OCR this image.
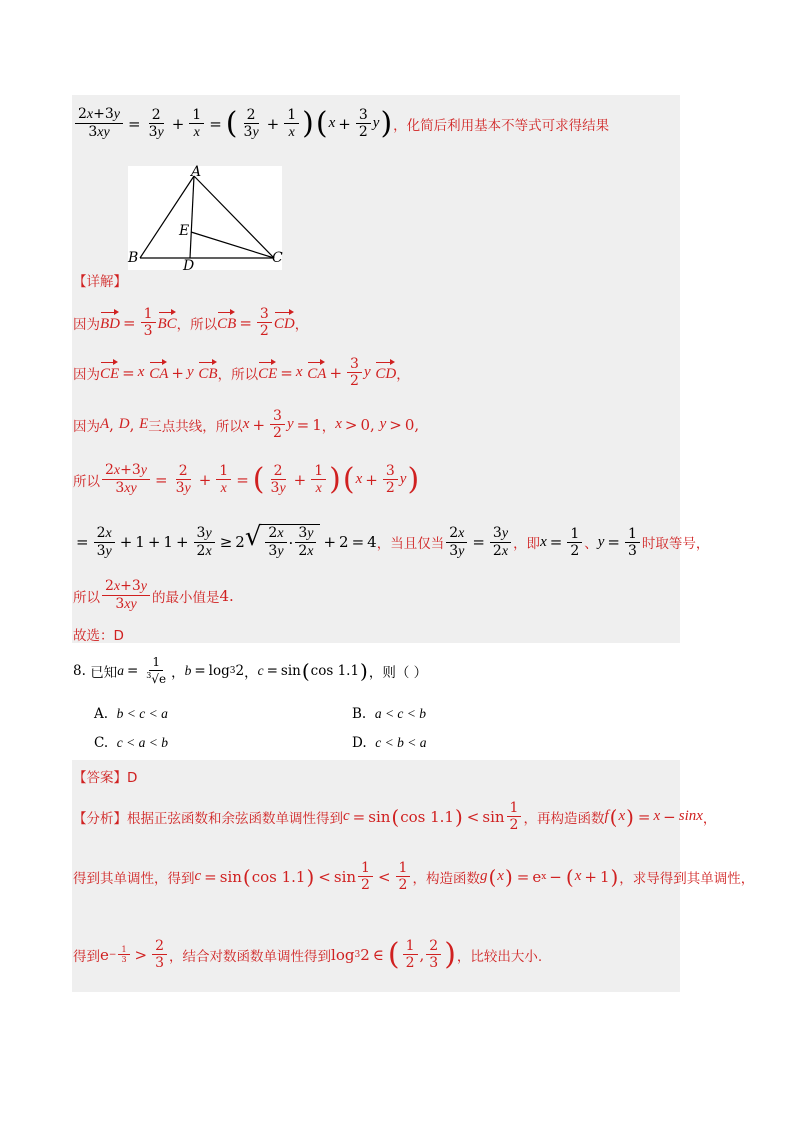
$\frac{2x+3y}{3xy} = \frac{2}{3y} + \frac{1}{x}$ = ( $\frac{2}{3y} + \frac{1}{x}$ ) ( $x + \frac{3}{2}$ y ) ，化简后利用基本不等式可求得结果
A
B	C
D
E
【详解】
因为 BD = $\frac{1}{3}$ BC ， 所以 CB = $\frac{3}{2}$ CD ，
因为 CE = x
CA + y
CB ， 所以 CE = x
CA + $\frac{3}{2}$ y
CD ，
因为 A , D , E 三点共线，所以 $x + \frac{3}{2}$ y = 1 ， x > 0, y > 0,
所以 $\frac{2x+3y}{3xy} = \frac{2}{3y} + \frac{1}{x}$ = ( $\frac{2}{3y} + \frac{1}{x}$ ) ( $x + \frac{3}{2}$ y )
= $\frac{2x}{3y} + 1 + 1 + \frac{3y}{2x} \ge 2$ √ $\frac{2x}{3y} \cdot \frac{3y}{2x} + 2 = 4$ ，当且仅当 $\frac{2x}{3y} = \frac{3y}{2x}$ ，即 $x = \frac{1}{2}$ 、 $y = \frac{1}{3}$ 时取等号，
所以 $\frac{2x+3y}{3xy}$ 的最小值是 4.
故选：D
8.
已知 $a = \frac{1}{^3√e}$ ， b = log 3 2 ， c = sin ( cos 1.1 ) ，则（ ）
A. b < c < a	B. a < c < b
C. c < a < b	D. c < b < a
【答案】D
【分析】 根据正弦函数和余弦函数单调性得到 c = sin ( cos 1.1 ) < $\sin \frac{1}{2}$ ，再构造函数 f ( x ) = x − sinx ，
得到其单调性，得到 c = sin ( cos 1.1 ) < $\sin \frac{1}{2} < \frac{1}{2}$ ，构造函数 g ( x ) = e x − ( x + 1 ) ，求导得到其单调性，
得到 $e - \frac{1}{3} > \frac{2}{3}$ ，结合对数函数单调性得到 log 3 2 ∈ ( $\frac{1}{2}$ , $\frac{2}{3}$ ) ，比较出大小.
